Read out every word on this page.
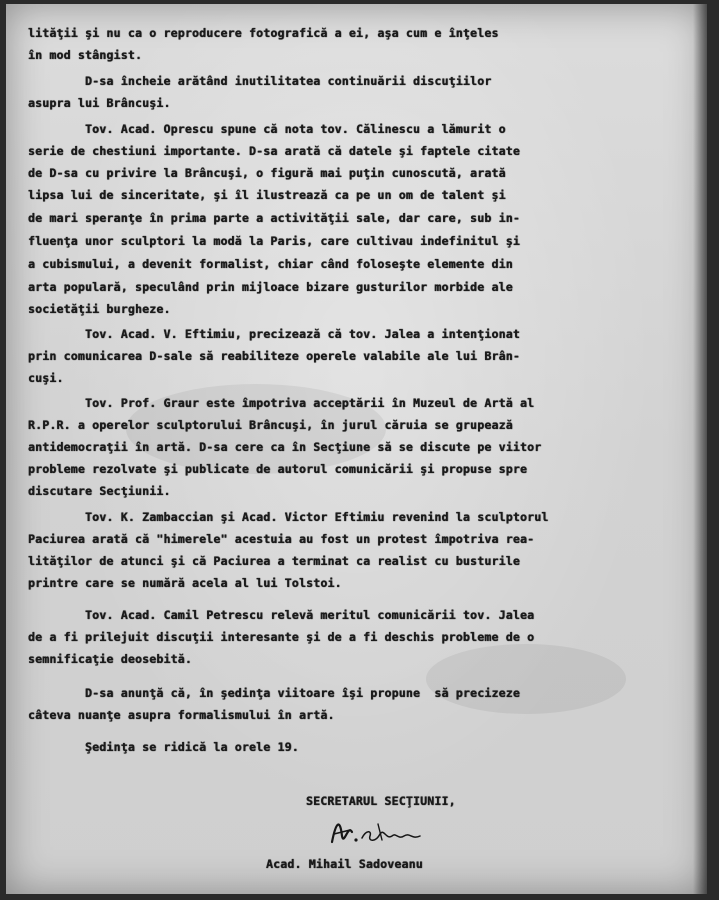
lităţii şi nu ca o reproducere fotografică a ei, aşa cum e înţeles

în mod stângist.

D-sa încheie arătând inutilitatea continuării discuţiilor

asupra lui Brâncuşi.

Tov. Acad. Oprescu spune că nota tov. Călinescu a lămurit o

serie de chestiuni importante. D-sa arată că datele şi faptele citate

de D-sa cu privire la Brâncuşi, o figură mai puţin cunoscută, arată

lipsa lui de sinceritate, şi îl ilustrează ca pe un om de talent şi

de mari speranţe în prima parte a activităţii sale, dar care, sub in-

fluenţa unor sculptori la modă la Paris, care cultivau indefinitul şi

a cubismului, a devenit formalist, chiar când foloseşte elemente din

arta populară, speculând prin mijloace bizare gusturilor morbide ale

societăţii burgheze.

Tov. Acad. V. Eftimiu, precizează că tov. Jalea a intenţionat

prin comunicarea D-sale să reabiliteze operele valabile ale lui Brân-

cuşi.

Tov. Prof. Graur este împotriva acceptării în Muzeul de Artă al

R.P.R. a operelor sculptorului Brâncuşi, în jurul căruia se grupează

antidemocraţii în artă. D-sa cere ca în Secţiune să se discute pe viitor

probleme rezolvate şi publicate de autorul comunicării şi propuse spre

discutare Secţiunii.

Tov. K. Zambaccian şi Acad. Victor Eftimiu revenind la sculptorul

Paciurea arată că "himerele" acestuia au fost un protest împotriva rea-

lităţilor de atunci şi că Paciurea a terminat ca realist cu busturile

printre care se numără acela al lui Tolstoi.

Tov. Acad. Camil Petrescu relevă meritul comunicării tov. Jalea

de a fi prilejuit discuţii interesante şi de a fi deschis probleme de o

semnificaţie deosebită.

D-sa anunţă că, în şedinţa viitoare îşi propune  să precizeze

câteva nuanţe asupra formalismului în artă.

Şedinţa se ridică la orele 19.

SECRETARUL SECŢIUNII,

Acad. Mihail Sadoveanu
